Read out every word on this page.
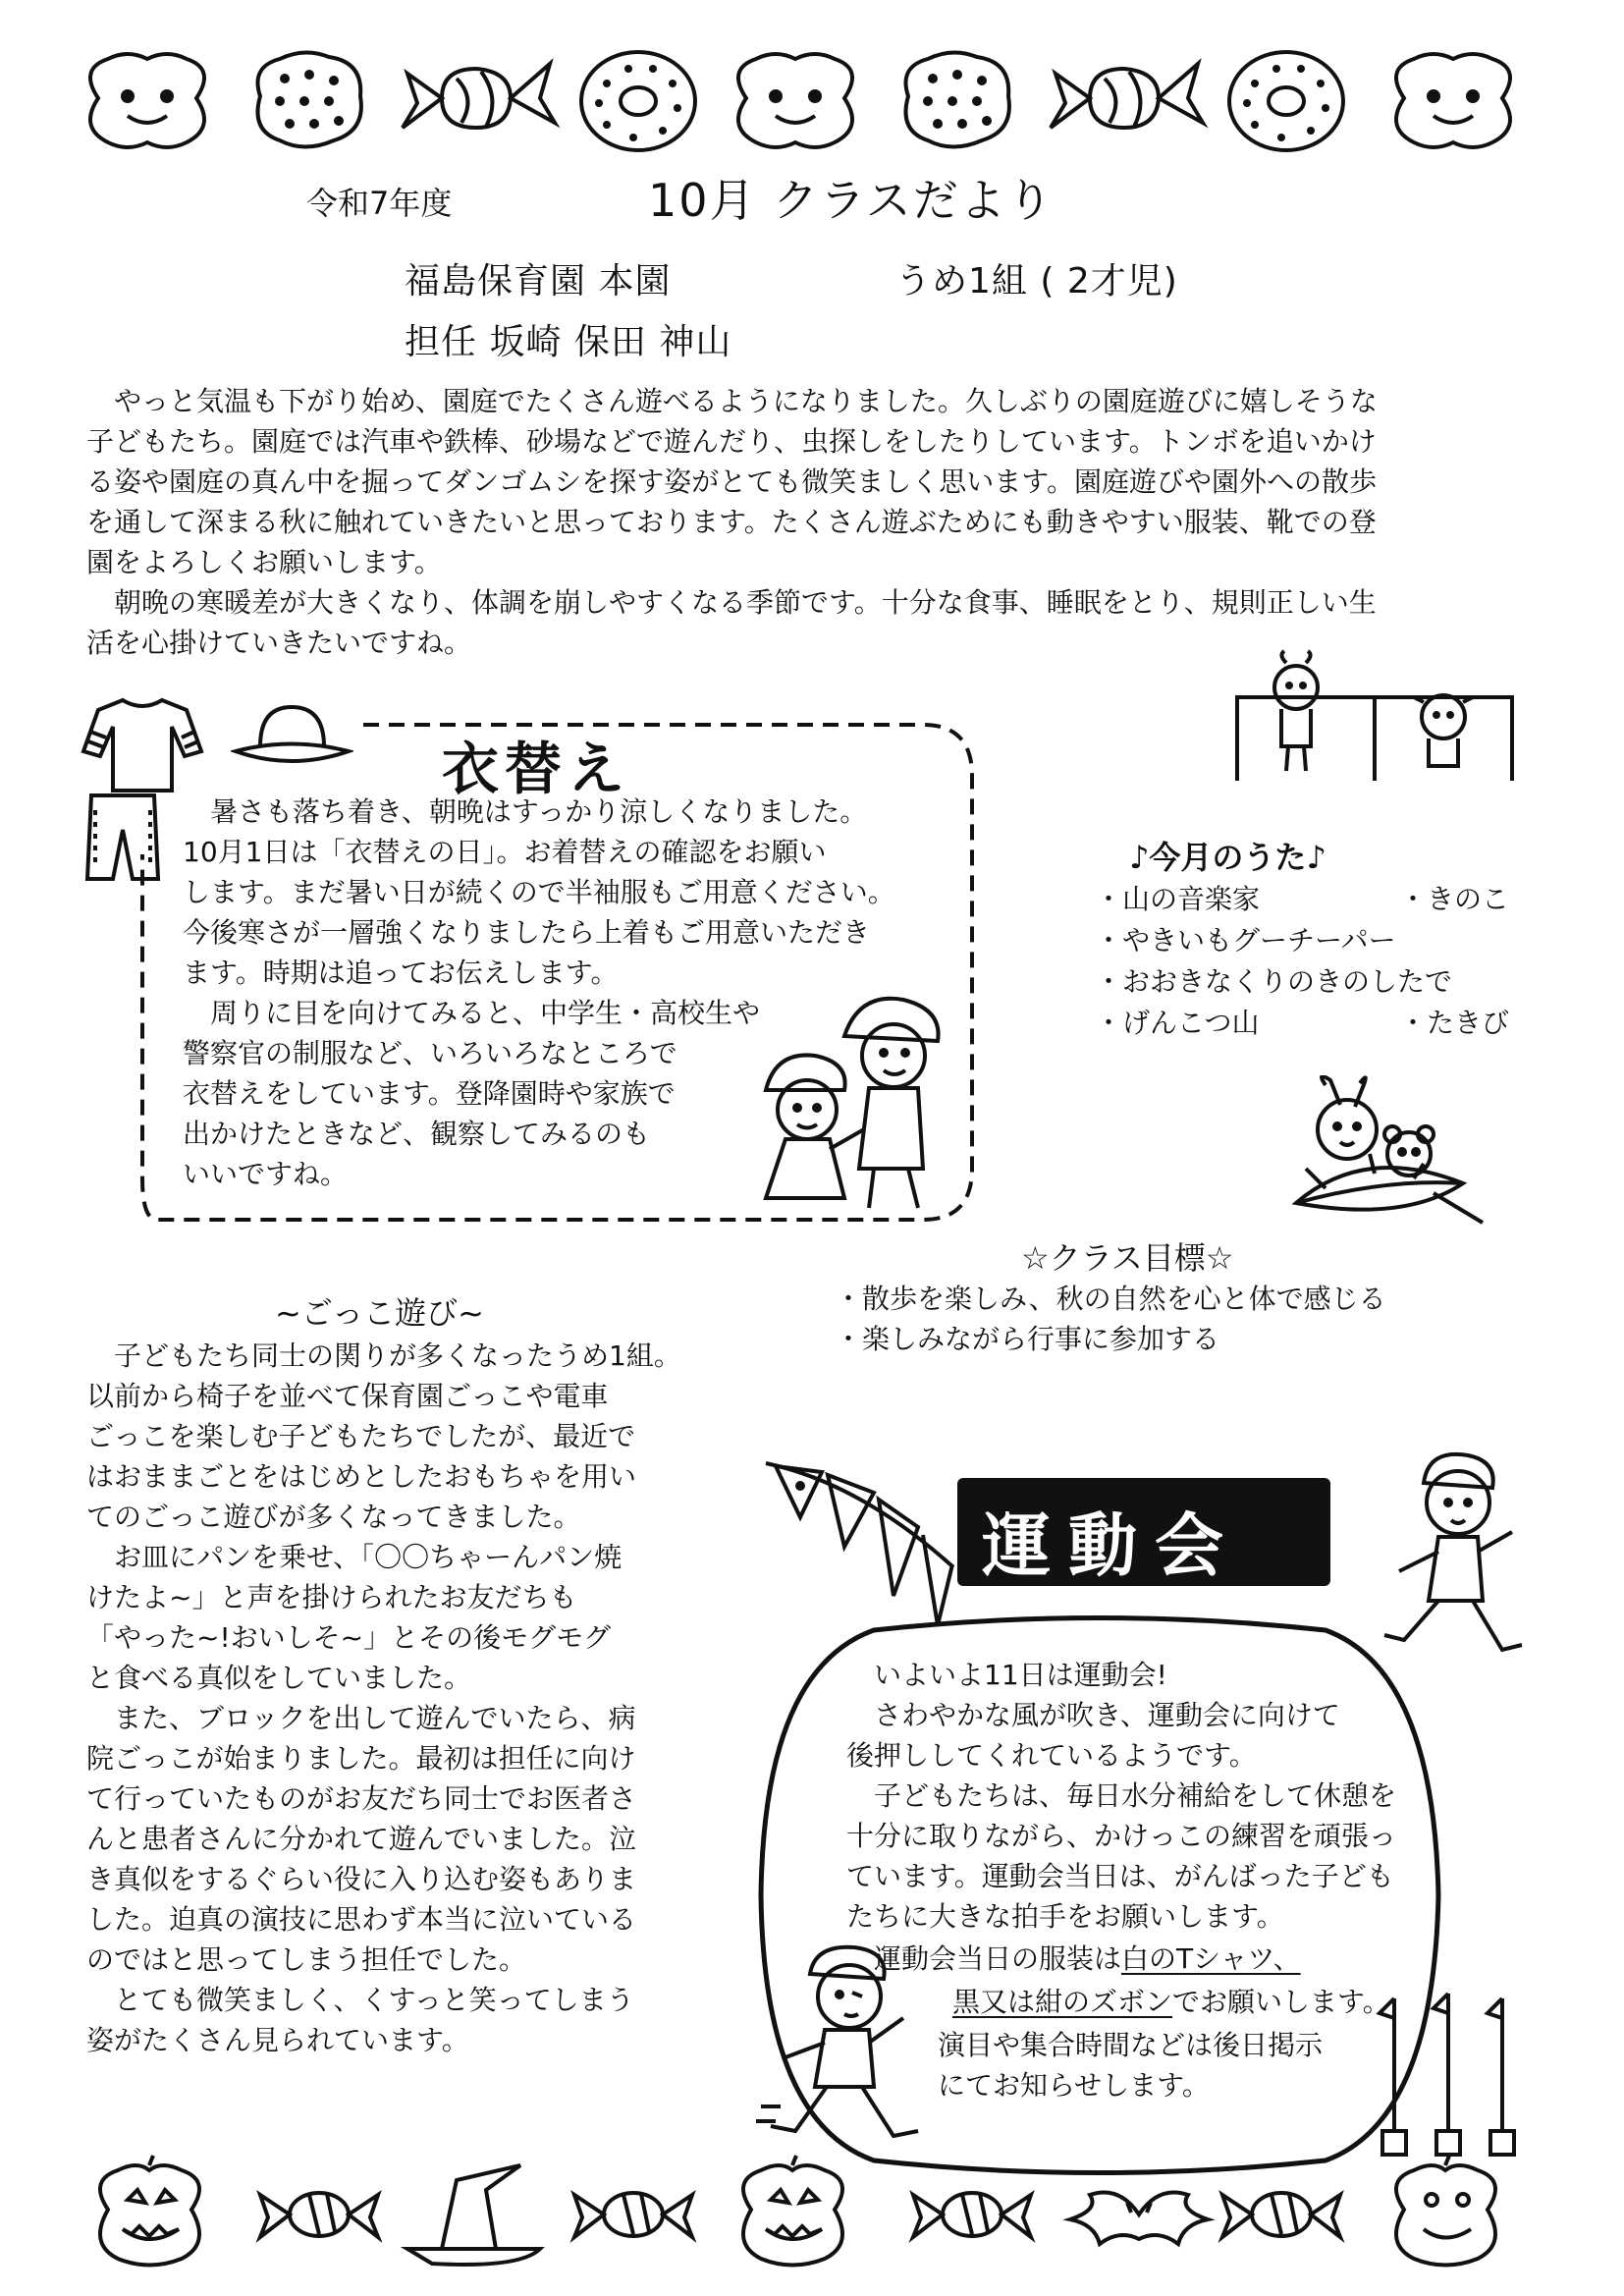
令和7年度	10月 クラスだより
福島保育園 本園	うめ1組 ( 2才児)
担任 坂崎 保田 神山

やっと気温も下がり始め、園庭でたくさん遊べるようになりました。久しぶりの園庭遊びに嬉しそうな

子どもたち。園庭では汽車や鉄棒、砂場などで遊んだり、虫探しをしたりしています。トンボを追いかけ

る姿や園庭の真ん中を掘ってダンゴムシを探す姿がとても微笑ましく思います。園庭遊びや園外への散歩

を通して深まる秋に触れていきたいと思っております。たくさん遊ぶためにも動きやすい服装、靴での登

園をよろしくお願いします。

朝晩の寒暖差が大きくなり、体調を崩しやすくなる季節です。十分な食事、睡眠をとり、規則正しい生

活を心掛けていきたいですね。

衣替え

暑さも落ち着き、朝晩はすっかり涼しくなりました。

10月1日は「衣替えの日」。お着替えの確認をお願い

します。まだ暑い日が続くので半袖服もご用意ください。

今後寒さが一層強くなりましたら上着もご用意いただき

ます。時期は追ってお伝えします。

周りに目を向けてみると、中学生・高校生や

警察官の制服など、いろいろなところで

衣替えをしています。登降園時や家族で

出かけたときなど、観察してみるのも

いいですね。

♪今月のうた♪

・山の音楽家

・やきいもグーチーパー

・おおきなくりのきのしたで

・げんこつ山

・きのこ

・たきび

☆クラス目標☆

・散歩を楽しみ、秋の自然を心と体で感じる

・楽しみながら行事に参加する

~ごっこ遊び~

子どもたち同士の関りが多くなったうめ1組。

以前から椅子を並べて保育園ごっこや電車

ごっこを楽しむ子どもたちでしたが、最近で

はおままごとをはじめとしたおもちゃを用い

てのごっこ遊びが多くなってきました。

お皿にパンを乗せ、「〇〇ちゃーんパン焼

けたよ~」と声を掛けられたお友だちも

「やった~!おいしそ~」とその後モグモグ

と食べる真似をしていました。

また、ブロックを出して遊んでいたら、病

院ごっこが始まりました。最初は担任に向け

て行っていたものがお友だち同士でお医者さ

んと患者さんに分かれて遊んでいました。泣

き真似をするぐらい役に入り込む姿もありま

した。迫真の演技に思わず本当に泣いている

のではと思ってしまう担任でした。

とても微笑ましく、くすっと笑ってしまう

姿がたくさん見られています。

運動会

いよいよ11日は運動会!

さわやかな風が吹き、運動会に向けて

後押ししてくれているようです。

子どもたちは、毎日水分補給をして休憩を

十分に取りながら、かけっこの練習を頑張っ

ています。運動会当日は、がんばった子ども

たちに大きな拍手をお願いします。

運動会当日の服装は白のTシャツ、
黒又は紺のズボンでお願いします。

演目や集合時間などは後日掲示

にてお知らせします。
